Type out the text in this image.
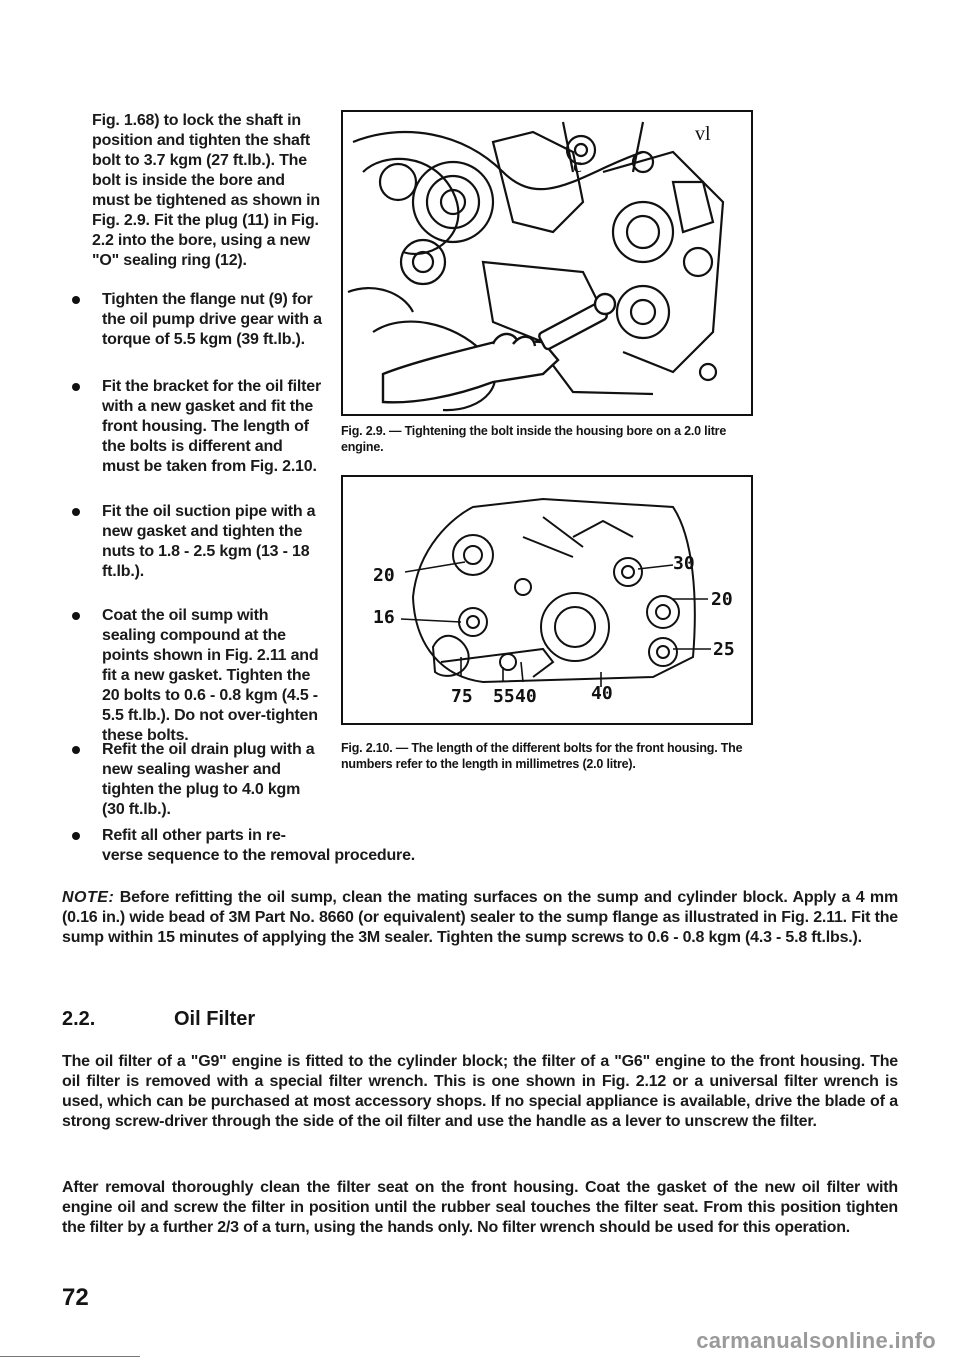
Fig. 1.68) to lock the shaft in position and tighten the shaft bolt to 3.7 kgm (27 ft.lb.). The bolt is inside the bore and must be tightened as shown in Fig. 2.9. Fit the plug (11) in Fig. 2.2 into the bore, using a new "O" sealing ring (12).

Tighten the flange nut (9) for the oil pump drive gear with a torque of 5.5 kgm (39 ft.lb.).
Fit the bracket for the oil filter with a new gasket and fit the front housing. The length of the bolts is different and must be taken from Fig. 2.10.
Fit the oil suction pipe with a new gasket and tighten the nuts to 1.8 - 2.5 kgm (13 - 18 ft.lb.).
Coat the oil sump with sealing compound at the points shown in Fig. 2.11 and fit a new gasket. Tighten the 20 bolts to 0.6 - 0.8 kgm (4.5 - 5.5 ft.lb.). Do not over-tighten these bolts.
Refit the oil drain plug with a new sealing washer and tighten the plug to 4.0 kgm (30 ft.lb.).
Refit all other parts in re-
verse sequence to the removal procedure.
c
vl
Fig. 2.9. — Tightening the bolt inside the housing bore on a 2.0 litre engine.
20
16
30
20
25
75 55 40	40
Fig. 2.10. — The length of the different bolts for the front housing. The numbers refer to the length in millimetres (2.0 litre).

NOTE: Before refitting the oil sump, clean the mating surfaces on the sump and cylinder block. Apply a 4 mm (0.16 in.) wide bead of 3M Part No. 8660 (or equivalent) sealer to the sump flange as illustrated in Fig. 2.11. Fit the sump within 15 minutes of applying the 3M sealer. Tighten the sump screws to 0.6 - 0.8 kgm (4.3 - 5.8 ft.lbs.).

2.2.	Oil Filter

The oil filter of a "G9" engine is fitted to the cylinder block; the filter of a "G6" engine to the front housing. The oil filter is removed with a special filter wrench. This is one shown in Fig. 2.12 or a universal filter wrench is used, which can be purchased at most accessory shops. If no special appliance is available, drive the blade of a strong screw-driver through the side of the oil filter and use the handle as a lever to unscrew the filter.

After removal thoroughly clean the filter seat on the front housing. Coat the gasket of the new oil filter with engine oil and screw the filter in position until the rubber seal touches the filter seat. From this position tighten the filter by a further 2/3 of a turn, using the hands only. No filter wrench should be used for this operation.

72
carmanualsonline.info
